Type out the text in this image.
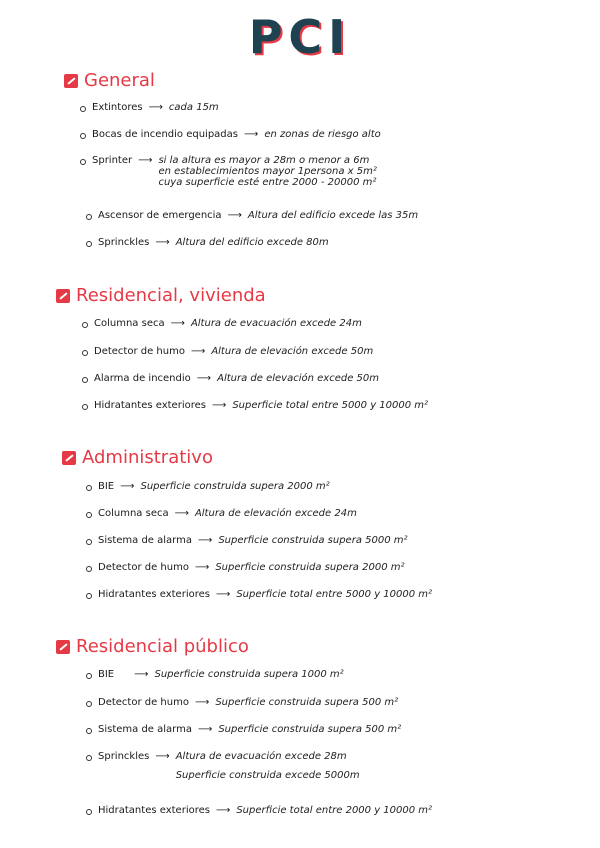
PCI
General
Extintores ⟶ cada 15m
Bocas de incendio equipadas ⟶ en zonas de riesgo alto
Sprinter ⟶ si la altura es mayor a 28m o menor a 6m
en establecimientos mayor 1persona x 5m²
cuya superficie esté entre 2000 - 20000 m²
Ascensor de emergencia ⟶ Altura del edificio excede las 35m
Sprinckles ⟶ Altura del edificio excede 80m
Residencial, vivienda
Columna seca ⟶ Altura de evacuación excede 24m
Detector de humo ⟶ Altura de elevación excede 50m
Alarma de incendio ⟶ Altura de elevación excede 50m
Hidratantes exteriores ⟶ Superficie total entre 5000 y 10000 m²
Administrativo
BIE ⟶ Superficie construida supera 2000 m²
Columna seca ⟶ Altura de elevación excede 24m
Sistema de alarma ⟶ Superficie construida supera 5000 m²
Detector de humo ⟶ Superficie construida supera 2000 m²
Hidratantes exteriores ⟶ Superficie total entre 5000 y 10000 m²
Residencial público
BIE ⟶ Superficie construida supera 1000 m²
Detector de humo ⟶ Superficie construida supera 500 m²
Sistema de alarma ⟶ Superficie construida supera 500 m²
Sprinckles ⟶ Altura de evacuación excede 28m
Superficie construida excede 5000m
Hidratantes exteriores ⟶ Superficie total entre 2000 y 10000 m²
